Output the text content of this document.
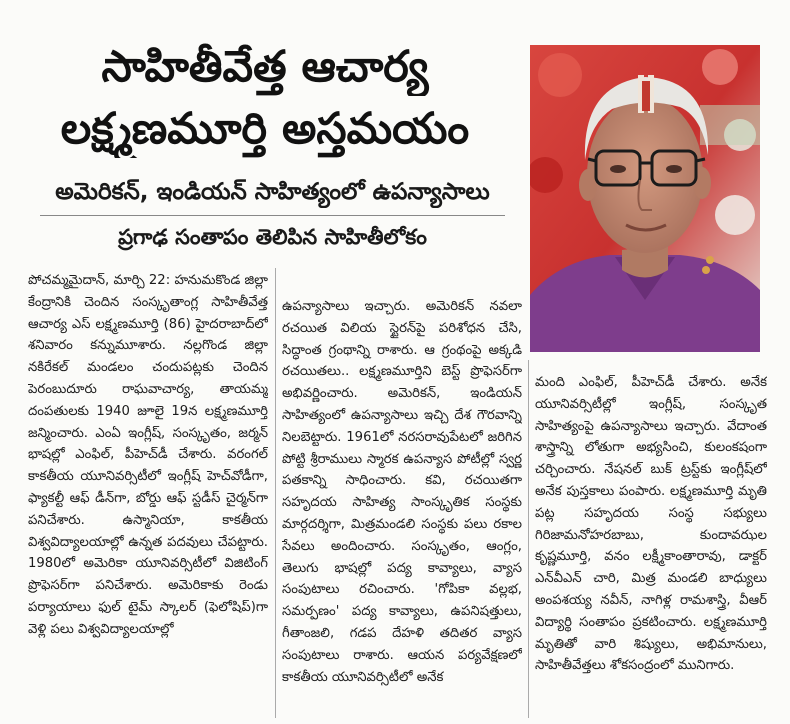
సాహితీవేత్త ఆచార్య
లక్ష్మణమూర్తి అస్తమయం
అమెరికన్, ఇండియన్ సాహిత్యంలో ఉపన్యాసాలు
ప్రగాఢ సంతాపం తెలిపిన సాహితీలోకం

పోచమ్మమైదాన్, మార్చి 22: హనుమకొండ జిల్లా కేంద్రానికి చెందిన సంస్కృతాంగ్ల సాహితీవేత్త ఆచార్య ఎస్ లక్ష్మణమూర్తి (86) హైదరాబాద్‌లో శనివారం కన్నుమూశారు. నల్లగొండ జిల్లా నకిరేకల్ మండలం చందుపట్లకు చెందిన పెరంబుదూరు రాఘవాచార్య, తాయమ్మ దంపతులకు 1940 జూలై 19న లక్ష్మణమూర్తి జన్మించారు. ఎంఏ ఇంగ్లీష్, సంస్కృతం, జర్మన్ భాషల్లో ఎంఫిల్, పీహెచ్‌డీ చేశారు. వరంగల్ కాకతీయ యూనివర్సిటీలో ఇంగ్లీష్ హెచ్‌వోడీగా, ఫ్యాకల్టీ ఆఫ్ డీన్‌గా, బోర్డు ఆఫ్ స్టడీస్ చైర్మన్‌గా పనిచేశారు. ఉస్మానియా, కాకతీయ విశ్వవిద్యాలయాల్లో ఉన్నత పదవులు చేపట్టారు. 1980లో అమెరికా యూనివర్సిటీలో విజిటింగ్ ప్రొఫెసర్‌గా పనిచేశారు. అమెరికాకు రెండు పర్యాయాలు ఫుల్ టైమ్ స్కాలర్ (ఫెలోషిప్)గా వెళ్లి పలు విశ్వవిద్యాలయాల్లో

ఉపన్యాసాలు ఇచ్చారు. అమెరికన్ నవలా రచయిత విలియ స్టైరన్‌పై పరిశోధన చేసి, సిద్ధాంత గ్రంథాన్ని రాశారు. ఆ గ్రంథంపై అక్కడి రచయితలు.. లక్ష్మణమూర్తిని బెస్ట్ ప్రొఫెసర్‌గా అభివర్ణించారు. అమెరికన్, ఇండియన్ సాహిత్యంలో ఉపన్యాసాలు ఇచ్చి దేశ గౌరవాన్ని నిలబెట్టారు. 1961లో నరసరావుపేటలో జరిగిన పోట్టి శ్రీరాములు స్మారక ఉపన్యాస పోటీల్లో స్వర్ణ పతకాన్ని సాధించారు. కవి, రచయితగా సహృదయ సాహిత్య సాంస్కృతిక సంస్థకు మార్గదర్శిగా, మిత్రమండలి సంస్థకు పలు రకాల సేవలు అందించారు. సంస్కృతం, ఆంగ్లం, తెలుగు భాషల్లో పద్య కావ్యాలు, వ్యాస సంపుటాలు రచించారు. 'గోపికా వల్లభ, సమర్పణం' పద్య కావ్యాలు, ఉపనిషత్తులు, గీతాంజలి, గడప దేహళి తదితర వ్యాస సంపుటాలు రాశారు. ఆయన పర్యవేక్షణలో కాకతీయ యూనివర్సిటీలో అనేక

మంది ఎంఫిల్, పీహెచ్‌డీ చేశారు. అనేక యూనివర్సిటీల్లో ఇంగ్లీష్, సంస్కృత సాహిత్యంపై ఉపన్యాసాలు ఇచ్చారు. వేదాంత శాస్త్రాన్ని లోతుగా అభ్యసించి, కులంకషంగా చర్చించారు. నేషనల్ బుక్ ట్రస్ట్‌కు ఇంగ్లీష్‌లో అనేక పుస్తకాలు పంపారు. లక్ష్మణమూర్తి మృతి పట్ల సహృదయ సంస్థ సభ్యులు గిరిజామనోహరబాబు, కుందావఝల కృష్ణమూర్తి, వనం లక్ష్మీకాంతారావు, డాక్టర్ ఎన్‌వీఎన్ చారి, మిత్ర మండలి బాధ్యులు అంపశయ్య నవీన్, నాగిళ్ల రామశాస్త్రి, వీఆర్ విద్యార్థి సంతాపం ప్రకటించారు. లక్ష్మణమూర్తి మృతితో వారి శిష్యులు, అభిమానులు, సాహితీవేత్తలు శోకసంద్రంలో మునిగారు.
